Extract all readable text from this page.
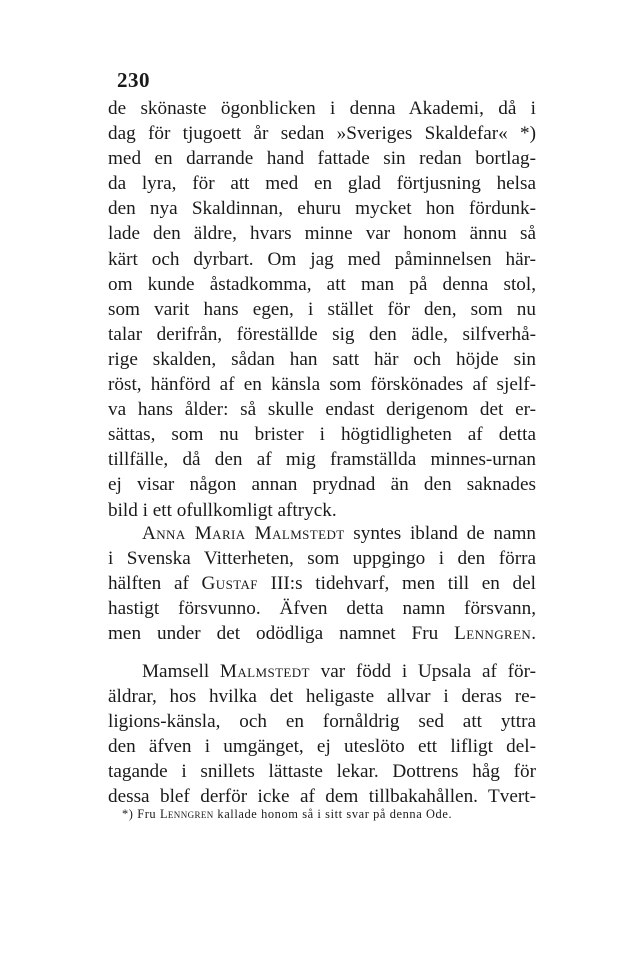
230
de skönaste ögonblicken i denna Akademi, då i
dag för tjugoett år sedan »Sveriges Skaldefar« *)
med en darrande hand fattade sin redan bortlag-
da lyra, för att med en glad förtjusning helsa
den nya Skaldinnan, ehuru mycket hon fördunk-
lade den äldre, hvars minne var honom ännu så
kärt och dyrbart. Om jag med påminnelsen här-
om kunde åstadkomma, att man på denna stol,
som varit hans egen, i stället för den, som nu
talar derifrån, föreställde sig den ädle, silfverhå-
rige skalden, sådan han satt här och höjde sin
röst, hänförd af en känsla som förskönades af sjelf-
va hans ålder: så skulle endast derigenom det er-
sättas, som nu brister i högtidligheten af detta
tillfälle, då den af mig framställda minnes-urnan
ej visar någon annan prydnad än den saknades
bild i ett ofullkomligt aftryck.
Anna Maria Malmstedt syntes ibland de namn
i Svenska Vitterheten, som uppgingo i den förra
hälften af Gustaf III:s tidehvarf, men till en del
hastigt försvunno. Äfven detta namn försvann,
men under det odödliga namnet Fru Lenngren.
Mamsell Malmstedt var född i Upsala af för-
äldrar, hos hvilka det heligaste allvar i deras re-
ligions-känsla, och en fornåldrig sed att yttra
den äfven i umgänget, ej uteslöto ett lifligt del-
tagande i snillets lättaste lekar. Dottrens håg för
dessa blef derför icke af dem tillbakahållen. Tvert-
*) Fru Lenngren kallade honom så i sitt svar på denna Ode.
